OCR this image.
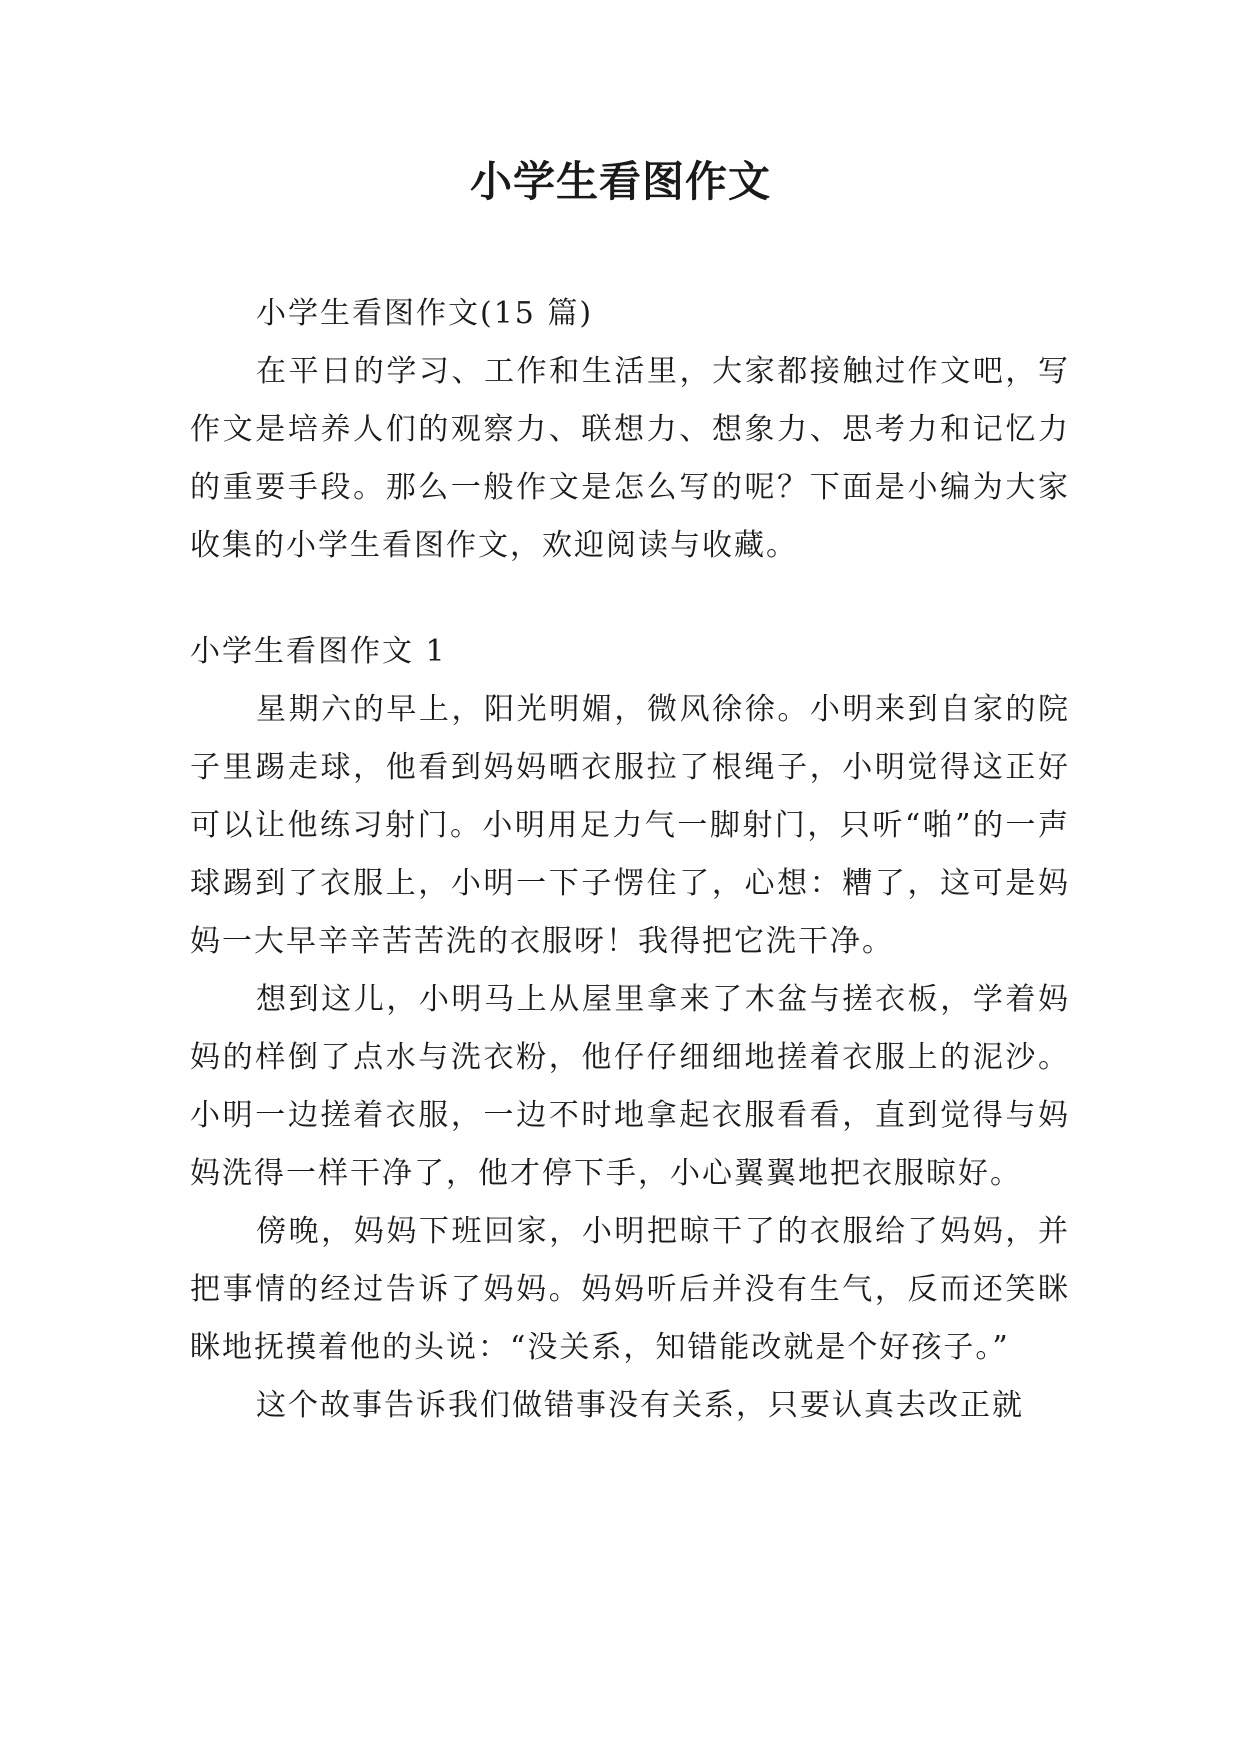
小学生看图作文

小学生看图作文(15 篇)

在平日的学习、工作和生活里，大家都接触过作文吧，写作文是培养人们的观察力、联想力、想象力、思考力和记忆力的重要手段。那么一般作文是怎么写的呢？下面是小编为大家收集的小学生看图作文，欢迎阅读与收藏。

小学生看图作文 1

星期六的早上，阳光明媚，微风徐徐。小明来到自家的院子里踢走球，他看到妈妈晒衣服拉了根绳子，小明觉得这正好可以让他练习射门。小明用足力气一脚射门，只听“啪”的一声球踢到了衣服上，小明一下子愣住了，心想：糟了，这可是妈妈一大早辛辛苦苦洗的衣服呀！我得把它洗干净。

想到这儿，小明马上从屋里拿来了木盆与搓衣板，学着妈妈的样倒了点水与洗衣粉，他仔仔细细地搓着衣服上的泥沙。小明一边搓着衣服，一边不时地拿起衣服看看，直到觉得与妈妈洗得一样干净了，他才停下手，小心翼翼地把衣服晾好。

傍晚，妈妈下班回家，小明把晾干了的衣服给了妈妈，并把事情的经过告诉了妈妈。妈妈听后并没有生气，反而还笑眯眯地抚摸着他的头说：“没关系，知错能改就是个好孩子。”

这个故事告诉我们做错事没有关系，只要认真去改正就
